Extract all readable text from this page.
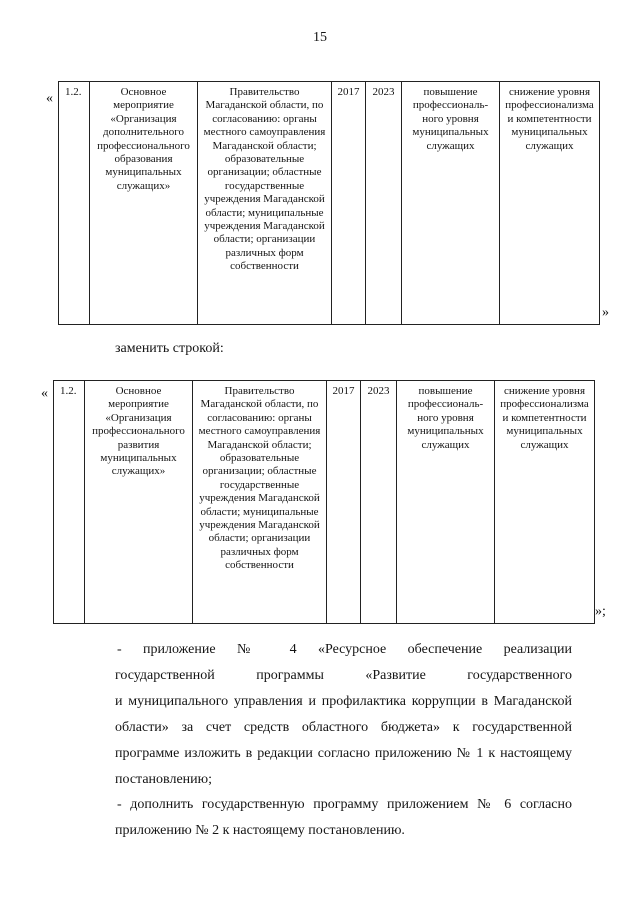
15
« 1.2.	Основное мероприятие «Организация дополнительного профессионального образования муниципальных служащих»	Правительство Магаданской области, по согласованию: органы местного самоуправления Магаданской области; образовательные организации; областные государственные учреждения Магаданской области; муниципальные учреждения Магаданской области; организации различных форм собственности	2017	2023	повышение профессиональ-ного уровня муниципальных служащих	снижение уровня профессионализма и компетентности муниципальных служащих
»
заменить строкой:
« 1.2.	Основное мероприятие «Организация профессионального развития муниципальных служащих»	Правительство Магаданской области, по согласованию: органы местного самоуправления Магаданской области; образовательные организации; областные государственные учреждения Магаданской области; муниципальные учреждения Магаданской области; организации различных форм собственности	2017	2023	повышение профессиональ-ного уровня муниципальных служащих	снижение уровня профессионализма и компетентности муниципальных служащих
»;
- приложение № 4 «Ресурсное обеспечение реализации
государственной программы «Развитие государственного
и муниципального управления и профилактика коррупции в Магаданской
области» за счет средств областного бюджета» к государственной
программе изложить в редакции согласно приложению № 1 к настоящему
постановлению;
- дополнить государственную программу приложением № 6 согласно
приложению № 2 к настоящему постановлению.
